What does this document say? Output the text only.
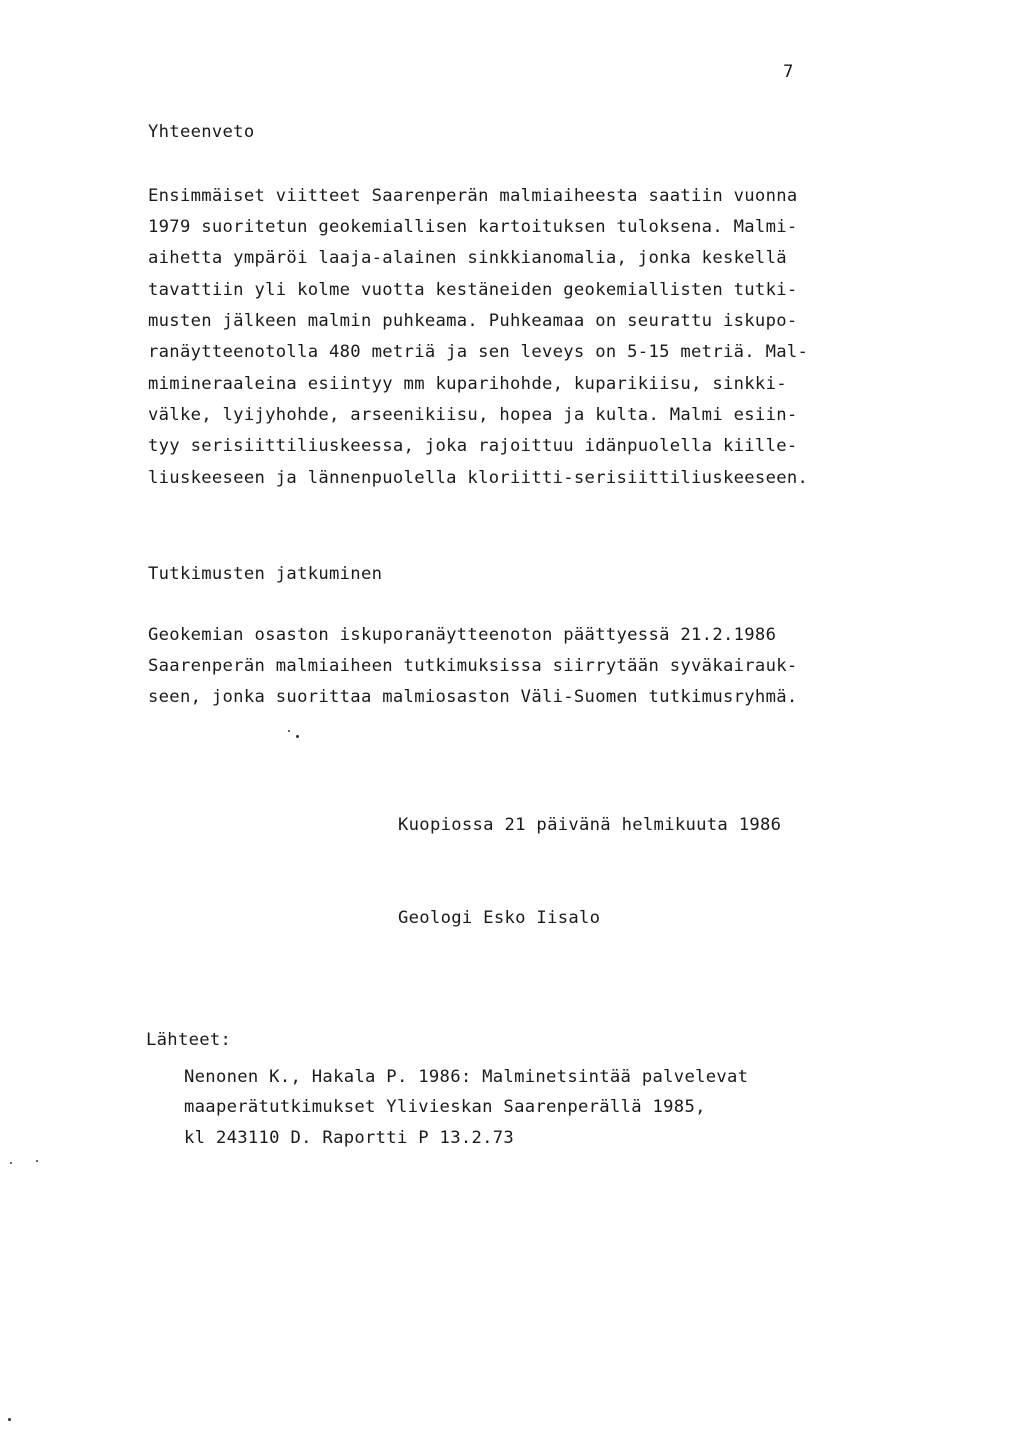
7
Yhteenveto
Ensimmäiset viitteet Saarenperän malmiaiheesta saatiin vuonna
1979 suoritetun geokemiallisen kartoituksen tuloksena. Malmi-
aihetta ympäröi laaja-alainen sinkkianomalia, jonka keskellä
tavattiin yli kolme vuotta kestäneiden geokemiallisten tutki-
musten jälkeen malmin puhkeama. Puhkeamaa on seurattu iskupo-
ranäytteenotolla 480 metriä ja sen leveys on 5-15 metriä. Mal-
mimineraaleina esiintyy mm kuparihohde, kuparikiisu, sinkki-
välke, lyijyhohde, arseenikiisu, hopea ja kulta. Malmi esiin-
tyy serisiittiliuskeessa, joka rajoittuu idänpuolella kiille-
liuskeeseen ja lännenpuolella kloriitti-serisiittiliuskeeseen.
Tutkimusten jatkuminen
Geokemian osaston iskuporanäytteenoton päättyessä 21.2.1986
Saarenperän malmiaiheen tutkimuksissa siirrytään syväkairauk-
seen, jonka suorittaa malmiosaston Väli-Suomen tutkimusryhmä.
Kuopiossa 21 päivänä helmikuuta 1986
Geologi Esko Iisalo
Lähteet:
Nenonen K., Hakala P. 1986: Malminetsintää palvelevat
maaperätutkimukset Ylivieskan Saarenperällä 1985,
kl 243110 D. Raportti P 13.2.73
